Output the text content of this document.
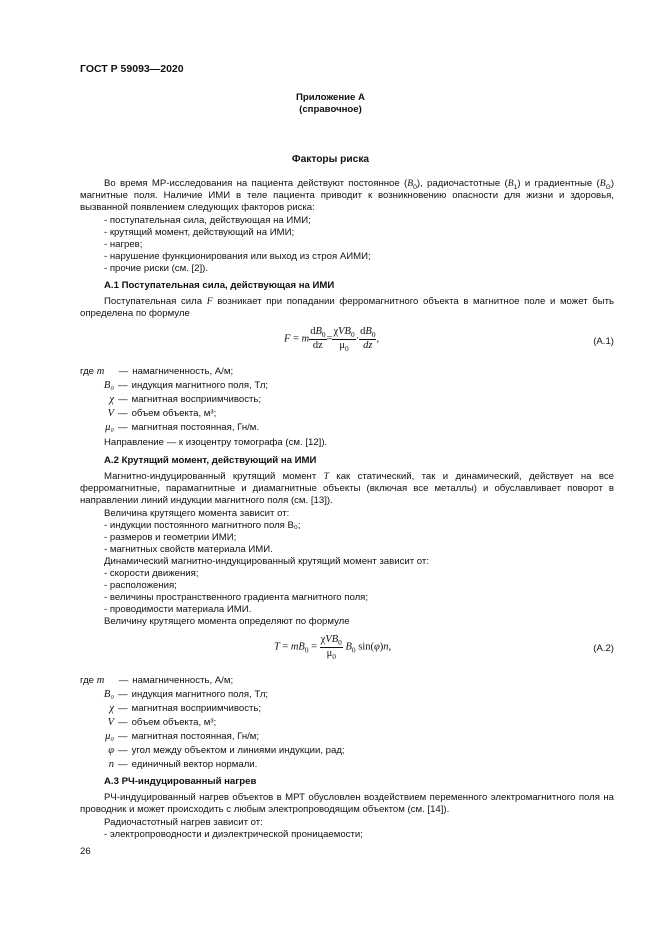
ГОСТ Р 59093—2020
Приложение А
(справочное)
Факторы риска
Во время МР-исследования на пациента действуют постоянное $(B_0)$, радиочастотные $(B_1)$ и градиентные $(B_G)$ магнитные поля. Наличие ИМИ в теле пациента приводит к возникновению опасности для жизни и здоровья, вызванной появлением следующих факторов риска:
- поступательная сила, действующая на ИМИ;
- крутящий момент, действующий на ИМИ;
- нагрев;
- нарушение функционирования или выход из строя АИМИ;
- прочие риски (см. [2]).
А.1 Поступательная сила, действующая на ИМИ
Поступательная сила F возникает при попадании ферромагнитного объекта в магнитное поле и может быть определена по формуле
F = m $\frac{dB_0}{dz} = \frac{\chi VB_0}{\mu_0} \cdot \frac{dB_0}{dz}$ ,	(А.1)
где m — намагниченность, А/м;
B₀ — индукция магнитного поля, Тл;
χ — магнитная восприимчивость;
V — объем объекта, м³;
μ₀ — магнитная постоянная, Гн/м.
Направление — к изоцентру томографа (см. [12]).
А.2 Крутящий момент, действующий на ИМИ
Магнитно-индуцированный крутящий момент T как статический, так и динамический, действует на все ферромагнитные, парамагнитные и диамагнитные объекты (включая все металлы) и обуславливает поворот в направлении линий индукции магнитного поля (см. [13]).
Величина крутящего момента зависит от:
- индукции постоянного магнитного поля B₀;
- размеров и геометрии ИМИ;
- магнитных свойств материала ИМИ.
Динамический магнитно-индукцированный крутящий момент зависит от:
- скорости движения;
- расположения;
- величины пространственного градиента магнитного поля;
- проводимости материала ИМИ.
Величину крутящего момента определяют по формуле
$T = mB_0 = \frac{\chi VB_0}{\mu_0} B_0$ sin(φ)n,	(А.2)
где m — намагниченность, А/м;
B₀ — индукция магнитного поля, Тл;
χ — магнитная восприимчивость;
V — объем объекта, м³;
μ₀ — магнитная постоянная, Гн/м;
φ — угол между объектом и линиями индукции, рад;
n — единичный вектор нормали.
А.3 РЧ-индуцированный нагрев
РЧ-индуцированный нагрев объектов в МРТ обусловлен воздействием переменного электромагнитного поля на проводник и может происходить с любым электропроводящим объектом (см. [14]).
Радиочастотный нагрев зависит от:
- электропроводности и диэлектрической проницаемости;
26
